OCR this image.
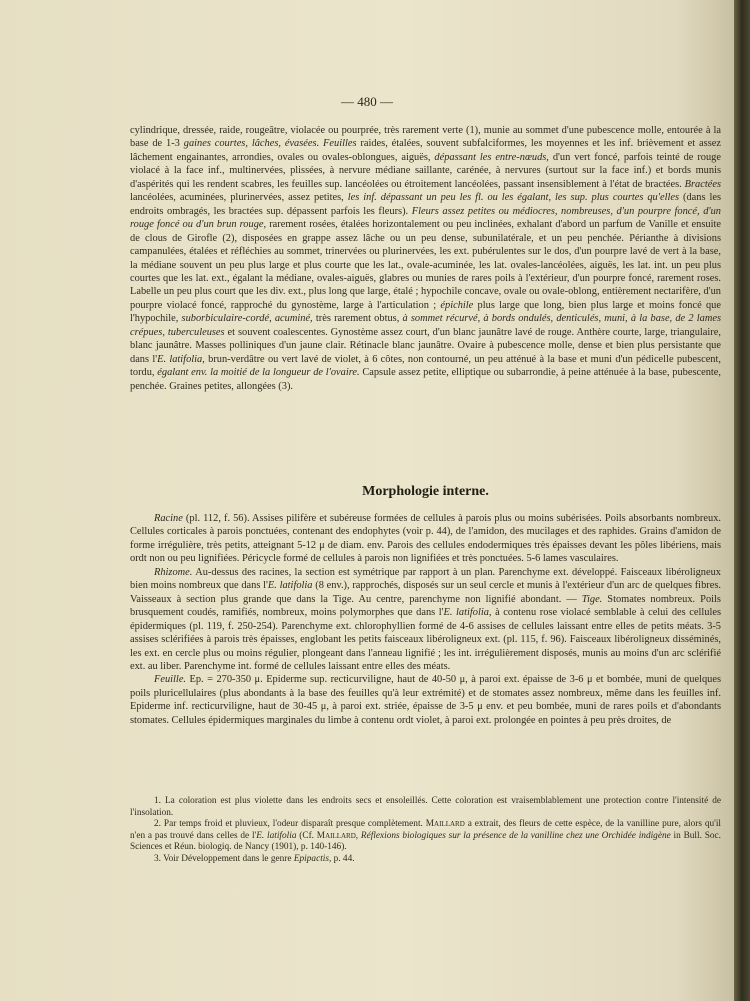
— 480 —

cylindrique, dressée, raide, rougeâtre, violacée ou pourprée, très rarement verte (1), munie au sommet d'une pubescence molle, entourée à la base de 1-3 gaines courtes, lâches, évasées. Feuilles raides, étalées, souvent subfalciformes, les moyennes et les inf. brièvement et assez lâchement engainantes, arrondies, ovales ou ovales-oblongues, aiguës, dépassant les entre-nœuds, d'un vert foncé, parfois teinté de rouge violacé à la face inf., multinervées, plissées, à nervure médiane saillante, carénée, à nervures (surtout sur la face inf.) et bords munis d'aspérités qui les rendent scabres, les feuilles sup. lancéolées ou étroitement lancéolées, passant insensiblement à l'état de bractées. Bractées lancéolées, acuminées, plurinervées, assez petites, les inf. dépassant un peu les fl. ou les égalant, les sup. plus courtes qu'elles (dans les endroits ombragés, les bractées sup. dépassent parfois les fleurs). Fleurs assez petites ou médiocres, nombreuses, d'un pourpre foncé, d'un rouge foncé ou d'un brun rouge, rarement rosées, étalées horizontalement ou peu inclinées, exhalant d'abord un parfum de Vanille et ensuite de clous de Girofle (2), disposées en grappe assez lâche ou un peu dense, subunilatérale, et un peu penchée. Périanthe à divisions campanulées, étalées et réfléchies au sommet, trinervées ou plurinervées, les ext. pubérulentes sur le dos, d'un pourpre lavé de vert à la base, la médiane souvent un peu plus large et plus courte que les lat., ovale-acuminée, les lat. ovales-lancéolées, aiguës, les lat. int. un peu plus courtes que les lat. ext., égalant la médiane, ovales-aiguës, glabres ou munies de rares poils à l'extérieur, d'un pourpre foncé, rarement roses. Labelle un peu plus court que les div. ext., plus long que large, étalé ; hypochile concave, ovale ou ovale-oblong, entièrement nectarifère, d'un pourpre violacé foncé, rapproché du gynostème, large à l'articulation ; épichile plus large que long, bien plus large et moins foncé que l'hypochile, suborbiculaire-cordé, acuminé, très rarement obtus, à sommet récurvé, à bords ondulés, denticulés, muni, à la base, de 2 lames crépues, tuberculeuses et souvent coalescentes. Gynostème assez court, d'un blanc jaunâtre lavé de rouge. Anthère courte, large, triangulaire, blanc jaunâtre. Masses polliniques d'un jaune clair. Rétinacle blanc jaunâtre. Ovaire à pubescence molle, dense et bien plus persistante que dans l'E. latifolia, brun-verdâtre ou vert lavé de violet, à 6 côtes, non contourné, un peu atténué à la base et muni d'un pédicelle pubescent, tordu, égalant env. la moitié de la longueur de l'ovaire. Capsule assez petite, elliptique ou subarrondie, à peine atténuée à la base, pubescente, penchée. Graines petites, allongées (3).

Morphologie interne.

Racine (pl. 112, f. 56). Assises pilifère et subéreuse formées de cellules à parois plus ou moins subérisées. Poils absorbants nombreux. Cellules corticales à parois ponctuées, contenant des endophytes (voir p. 44), de l'amidon, des mucilages et des raphides. Grains d'amidon de forme irrégulière, très petits, atteignant 5-12 μ de diam. env. Parois des cellules endodermiques très épaisses devant les pôles libériens, mais ordt non ou peu lignifiées. Péricycle formé de cellules à parois non lignifiées et très ponctuées. 5-6 lames vasculaires.

Rhizome. Au-dessus des racines, la section est symétrique par rapport à un plan. Parenchyme ext. développé. Faisceaux libéroligneux bien moins nombreux que dans l'E. latifolia (8 env.), rapprochés, disposés sur un seul cercle et munis à l'extérieur d'un arc de quelques fibres. Vaisseaux à section plus grande que dans la Tige. Au centre, parenchyme non lignifié abondant. — Tige. Stomates nombreux. Poils brusquement coudés, ramifiés, nombreux, moins polymorphes que dans l'E. latifolia, à contenu rose violacé semblable à celui des cellules épidermiques (pl. 119, f. 250-254). Parenchyme ext. chlorophyllien formé de 4-6 assises de cellules laissant entre elles de petits méats. 3-5 assises sclérifiées à parois très épaisses, englobant les petits faisceaux libéroligneux ext. (pl. 115, f. 96). Faisceaux libéroligneux disséminés, les ext. en cercle plus ou moins régulier, plongeant dans l'anneau lignifié ; les int. irrégulièrement disposés, munis au moins d'un arc sclérifié ext. au liber. Parenchyme int. formé de cellules laissant entre elles des méats.

Feuille. Ep. = 270-350 μ. Epiderme sup. recticurviligne, haut de 40-50 μ, à paroi ext. épaisse de 3-6 μ et bombée, muni de quelques poils pluricellulaires (plus abondants à la base des feuilles qu'à leur extrémité) et de stomates assez nombreux, même dans les feuilles inf. Epiderme inf. recticurviligne, haut de 30-45 μ, à paroi ext. striée, épaisse de 3-5 μ env. et peu bombée, muni de rares poils et d'abondants stomates. Cellules épidermiques marginales du limbe à contenu ordt violet, à paroi ext. prolongée en pointes à peu près droites, de

1. La coloration est plus violette dans les endroits secs et ensoleillés. Cette coloration est vraisemblablement une protection contre l'intensité de l'insolation.

2. Par temps froid et pluvieux, l'odeur disparaît presque complètement. Maillard a extrait, des fleurs de cette espèce, de la vanilline pure, alors qu'il n'en a pas trouvé dans celles de l'E. latifolia (Cf. Maillard, Réflexions biologiques sur la présence de la vanilline chez une Orchidée indigène in Bull. Soc. Sciences et Réun. biologiq. de Nancy (1901), p. 140-146).

3. Voir Développement dans le genre Epipactis, p. 44.
